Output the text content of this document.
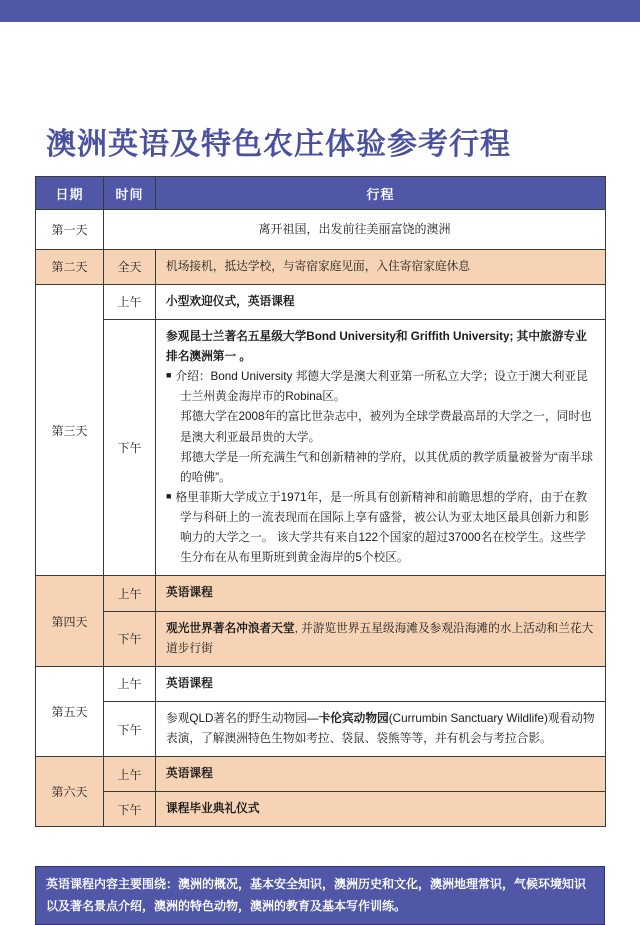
澳洲英语及特色农庄体验参考行程
日期	时间	行程
第一天	离开祖国，出发前往美丽富饶的澳洲	
第二天	全天	机场接机，抵达学校，与寄宿家庭见面，入住寄宿家庭休息
第三天	上午	小型欢迎仪式，英语课程
	下午	参观昆士兰著名五星级大学Bond University和 Griffith University; 其中旅游专业排名澳洲第一 。
■ 介绍：Bond University 邦德大学是澳大利亚第一所私立大学；设立于澳大利亚昆士兰州黄金海岸市的Robina区。
邦德大学在2008年的富比世杂志中，被列为全球学费最高昂的大学之一，同时也是澳大利亚最昂贵的大学。
邦德大学是一所充满生气和创新精神的学府，以其优质的教学质量被誉为“南半球的哈佛”。
■ 格里菲斯大学成立于1971年，是一所具有创新精神和前瞻思想的学府，由于在教学与科研上的一流表现而在国际上享有盛誉，被公认为亚太地区最具创新力和影响力的大学之一。 该大学共有来自122个国家的超过37000名在校学生。这些学生分布在从布里斯班到黄金海岸的5个校区。

第四天	上午	英语课程
	下午	观光世界著名冲浪者天堂, 并游览世界五星级海滩及参观沿海滩的水上活动和兰花大道步行街
第五天	上午	英语课程
	下午	参观QLD著名的野生动物园—卡伦宾动物园(Currumbin Sanctuary Wildlife)观看动物表演，了解澳洲特色生物如考拉、袋鼠、袋熊等等，并有机会与考拉合影。
第六天	上午	英语课程
	下午	课程毕业典礼仪式
英语课程内容主要围绕：澳洲的概况，基本安全知识，澳洲历史和文化，澳洲地理常识，气候环境知识以及著名景点介绍，澳洲的特色动物，澳洲的教育及基本写作训练。
